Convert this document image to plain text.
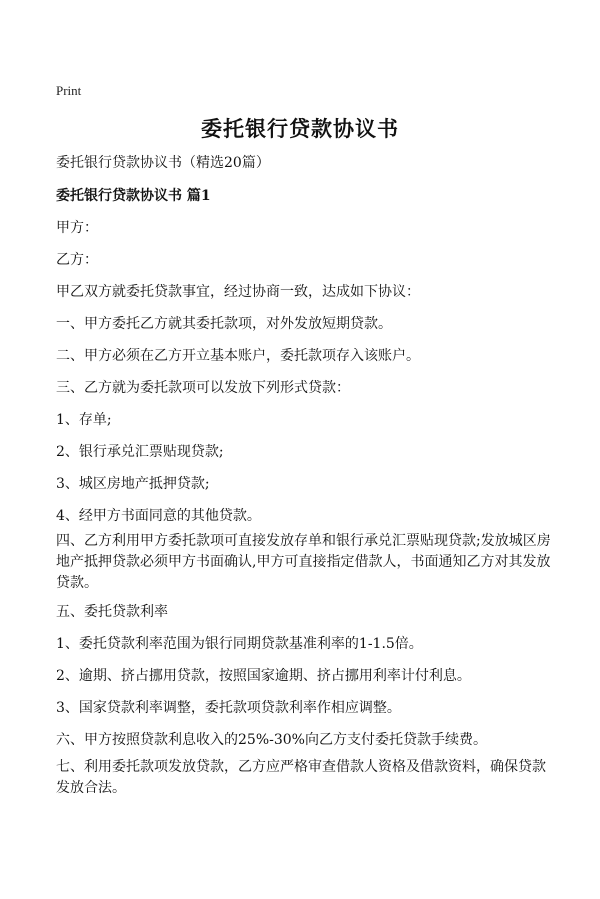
Print
委托银行贷款协议书
委托银行贷款协议书（精选20篇）
委托银行贷款协议书 篇1
甲方：
乙方：
甲乙双方就委托贷款事宜，经过协商一致，达成如下协议：
一、甲方委托乙方就其委托款项，对外发放短期贷款。
二、甲方必须在乙方开立基本账户，委托款项存入该账户。
三、乙方就为委托款项可以发放下列形式贷款：
1、存单;
2、银行承兑汇票贴现贷款;
3、城区房地产抵押贷款;
4、经甲方书面同意的其他贷款。
四、乙方利用甲方委托款项可直接发放存单和银行承兑汇票贴现贷款;发放城区房地产抵押贷款必须甲方书面确认,甲方可直接指定借款人，书面通知乙方对其发放贷款。
五、委托贷款利率
1、委托贷款利率范围为银行同期贷款基准利率的1-1.5倍。
2、逾期、挤占挪用贷款，按照国家逾期、挤占挪用利率计付利息。
3、国家贷款利率调整，委托款项贷款利率作相应调整。
六、甲方按照贷款利息收入的25%-30%向乙方支付委托贷款手续费。
七、利用委托款项发放贷款，乙方应严格审查借款人资格及借款资料，确保贷款发放合法。
